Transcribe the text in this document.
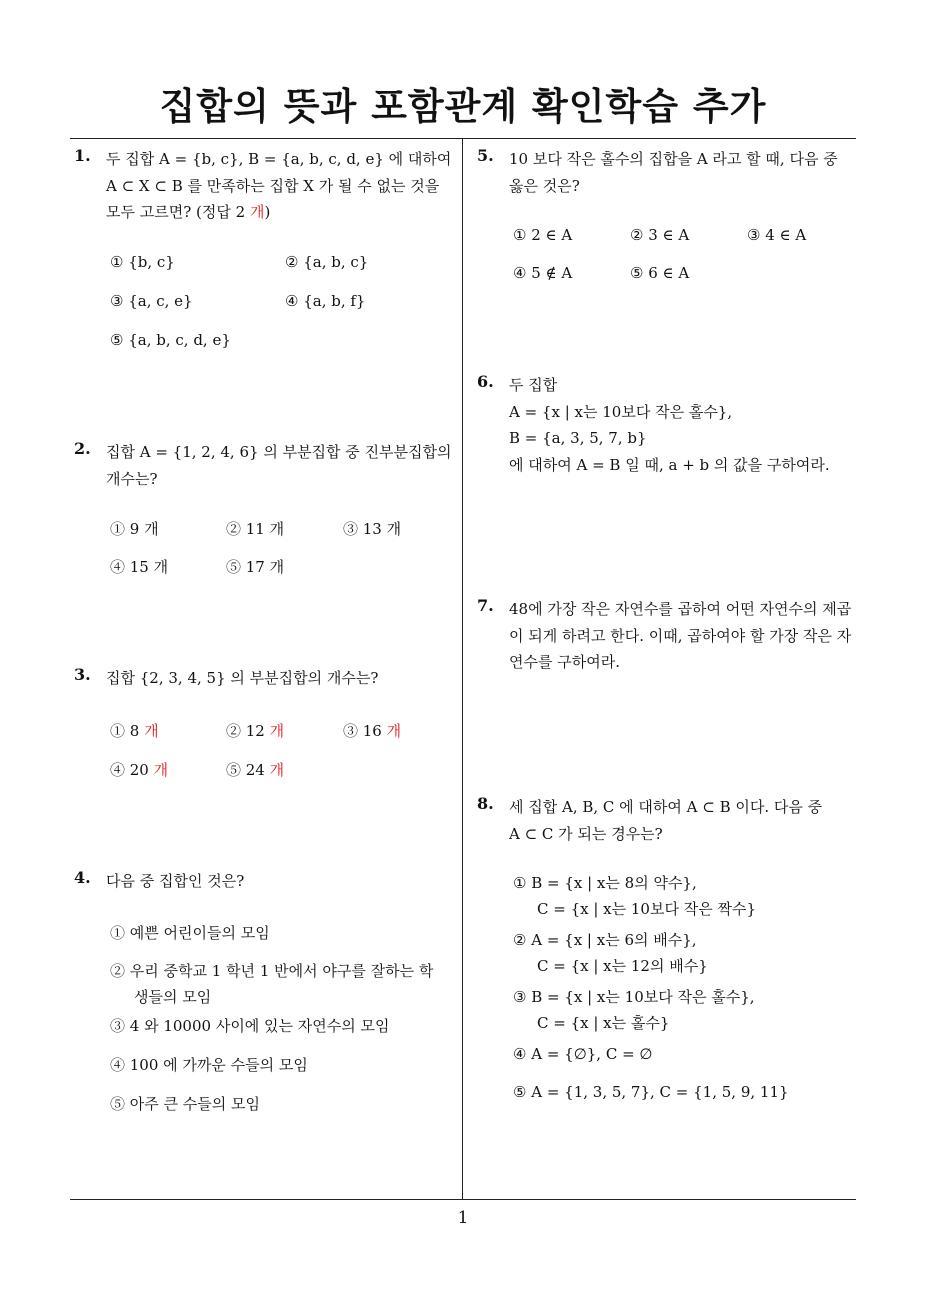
집합의 뜻과 포함관계 확인학습 추가
1. 두 집합 A = {b, c}, B = {a, b, c, d, e} 에 대하여
A ⊂ X ⊂ B 를 만족하는 집합 X 가 될 수 없는 것을
모두 고르면? (정답 2 개)
① {b, c}	② {a, b, c}
③ {a, c, e}	④ {a, b, f}
⑤ {a, b, c, d, e}
2. 집합 A = {1, 2, 4, 6} 의 부분집합 중 진부분집합의
개수는?
① 9 개	② 11 개	③ 13 개
④ 15 개	⑤ 17 개
3. 집합 {2, 3, 4, 5} 의 부분집합의 개수는?
① 8 개	② 12 개	③ 16 개
④ 20 개	⑤ 24 개
4. 다음 중 집합인 것은?
① 예쁜 어린이들의 모임
② 우리 중학교 1 학년 1 반에서 야구를 잘하는 학
생들의 모임
③ 4 와 10000 사이에 있는 자연수의 모임
④ 100 에 가까운 수들의 모임
⑤ 아주 큰 수들의 모임
5. 10 보다 작은 홀수의 집합을 A 라고 할 때, 다음 중
옳은 것은?
① 2 ∈ A	② 3 ∈ A	③ 4 ∈ A
④ 5 ∉ A	⑤ 6 ∈ A
6. 두 집합
A = {x | x는 10보다 작은 홀수},
B = {a, 3, 5, 7, b}
에 대하여 A = B 일 때, a + b 의 값을 구하여라.
7. 48에 가장 작은 자연수를 곱하여 어떤 자연수의 제곱
이 되게 하려고 한다. 이때, 곱하여야 할 가장 작은 자
연수를 구하여라.
8. 세 집합 A, B, C 에 대하여 A ⊂ B 이다. 다음 중
A ⊂ C 가 되는 경우는?
① B = {x | x는 8의 약수},
C = {x | x는 10보다 작은 짝수}
② A = {x | x는 6의 배수},
C = {x | x는 12의 배수}
③ B = {x | x는 10보다 작은 홀수},
C = {x | x는 홀수}
④ A = {∅}, C = ∅
⑤ A = {1, 3, 5, 7}, C = {1, 5, 9, 11}
1
